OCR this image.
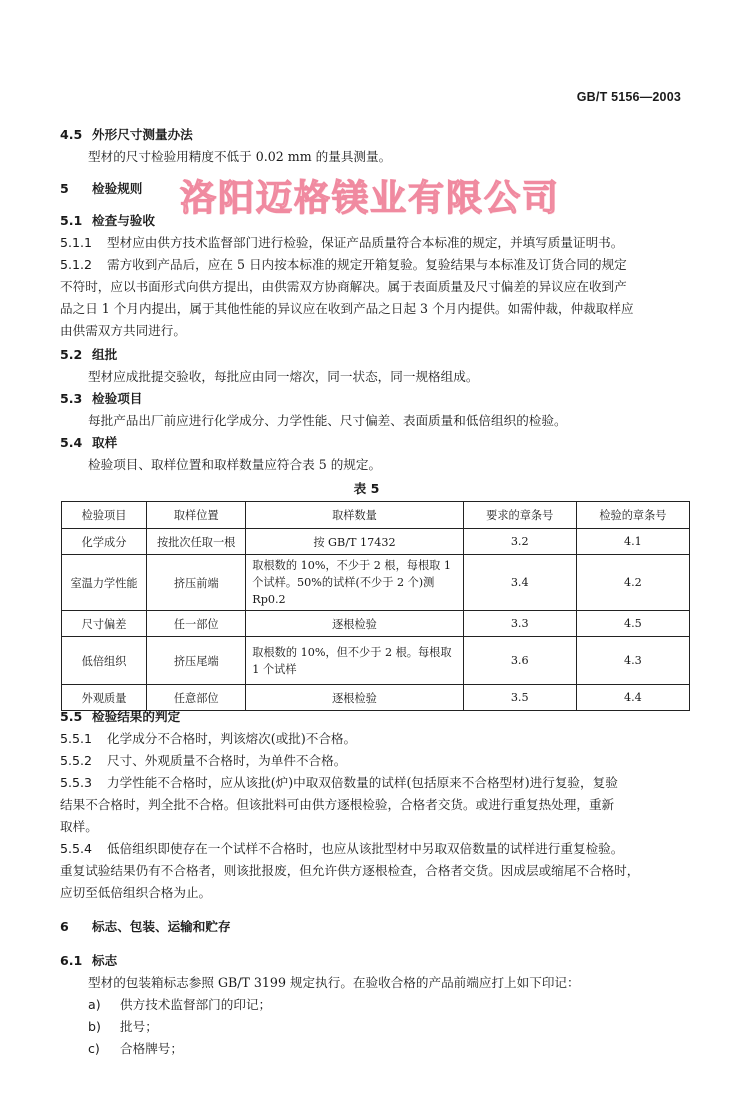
GB/T 5156—2003
洛阳迈格镁业有限公司
4.5 外形尺寸测量办法
型材的尺寸检验用精度不低于 0.02 mm 的量具测量。
5 检验规则
5.1 检查与验收
5.1.1 型材应由供方技术监督部门进行检验，保证产品质量符合本标准的规定，并填写质量证明书。
5.1.2 需方收到产品后，应在 5 日内按本标准的规定开箱复验。复验结果与本标准及订货合同的规定
不符时，应以书面形式向供方提出，由供需双方协商解决。属于表面质量及尺寸偏差的异议应在收到产
品之日 1 个月内提出，属于其他性能的异议应在收到产品之日起 3 个月内提供。如需仲裁，仲裁取样应
由供需双方共同进行。
5.2 组批
型材应成批提交验收，每批应由同一熔次，同一状态，同一规格组成。
5.3 检验项目
每批产品出厂前应进行化学成分、力学性能、尺寸偏差、表面质量和低倍组织的检验。
5.4 取样
检验项目、取样位置和取样数量应符合表 5 的规定。
表 5
检验项目	取样位置	取样数量	要求的章条号	检验的章条号
化学成分	按批次任取一根	按 GB/T 17432	3.2	4.1
室温力学性能	挤压前端	取根数的 10%，不少于 2 根，每根取 1 个试样。50%的试样(不少于 2 个)测 Rp0.2	3.4	4.2
尺寸偏差	任一部位	逐根检验	3.3	4.5
低倍组织	挤压尾端	取根数的 10%，但不少于 2 根。每根取 1 个试样	3.6	4.3
外观质量	任意部位	逐根检验	3.5	4.4
5.5 检验结果的判定
5.5.1 化学成分不合格时，判该熔次(或批)不合格。
5.5.2 尺寸、外观质量不合格时，为单件不合格。
5.5.3 力学性能不合格时，应从该批(炉)中取双倍数量的试样(包括原来不合格型材)进行复验，复验
结果不合格时，判全批不合格。但该批料可由供方逐根检验，合格者交货。或进行重复热处理，重新
取样。
5.5.4 低倍组织即使存在一个试样不合格时，也应从该批型材中另取双倍数量的试样进行重复检验。
重复试验结果仍有不合格者，则该批报废，但允许供方逐根检查，合格者交货。因成层或缩尾不合格时，
应切至低倍组织合格为止。
6 标志、包装、运输和贮存
6.1 标志
型材的包装箱标志参照 GB/T 3199 规定执行。在验收合格的产品前端应打上如下印记：
a) 供方技术监督部门的印记；
b) 批号；
c) 合格牌号；
